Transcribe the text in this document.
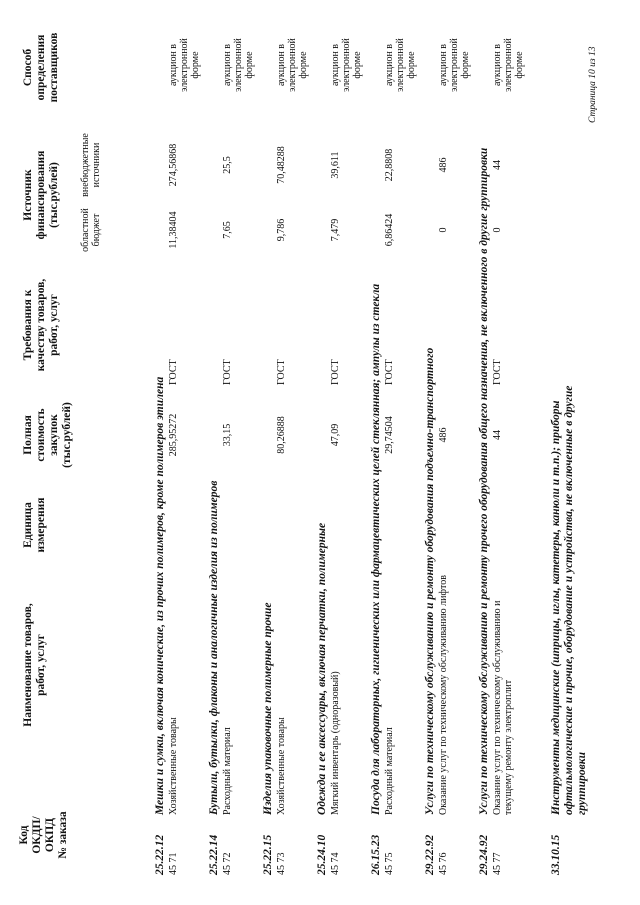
Код ОКДП/ ОКПД № заказа
Наименование товаров, работ, услуг
Единица измерения
Полная стоимость закупок (тыс.рублей)
Требования к качеству товаров, работ, услуг
Источник финансирования (тыс.рублей)
областной бюджет
внебюджетные источники
Способ определения поставщиков
25.22.12
Мешки и сумки, включая конические, из прочих полимеров, кроме полимеров этилена
45 71
Хозяйственные товары
285,95272
ГОСТ
11,38404
274,56868
аукцион в электронной форме
25.22.14
Бутыли, бутылки, флаконы и аналогичные изделия из полимеров
45 72
Расходный материал
33,15
ГОСТ
7,65
25,5
аукцион в электронной форме
25.22.15
Изделия упаковочные полимерные прочие
45 73
Хозяйственные товары
80,26888
ГОСТ
9,786
70,48288
аукцион в электронной форме
25.24.10
Одежда и ее аксессуары, включая перчатки, полимерные
45 74
Мягкий инвентарь (одноразовый)
47,09
ГОСТ
7,479
39,611
аукцион в электронной форме
26.15.23
Посуда для лабораторных, гигиенических или фармацевтических целей стеклянная; ампулы из стекла
45 75
Расходный материал
29,74504
ГОСТ
6,86424
22,8808
аукцион в электронной форме
29.22.92
Услуги по техническому обслуживанию и ремонту оборудования подъемно-транспортного
45 76
Оказание услуг по техническому обслуживанию лифтов
486
0
486
аукцион в электронной форме
29.24.92
Услуги по техническому обслуживанию и ремонту прочего оборудования общего назначения, не включенного в другие группировки
45 77
Оказание услуг по техническому обслуживанию и текущему ремонту электроплит
44
ГОСТ
0
44
аукцион в электронной форме
33.10.15
Инструменты медицинские (шприцы, иглы, катетеры, канюли и т.п.); приборы офтальмологические и прочие, оборудование и устройства, не включенные в другие группировки
Страница 10 из 13
